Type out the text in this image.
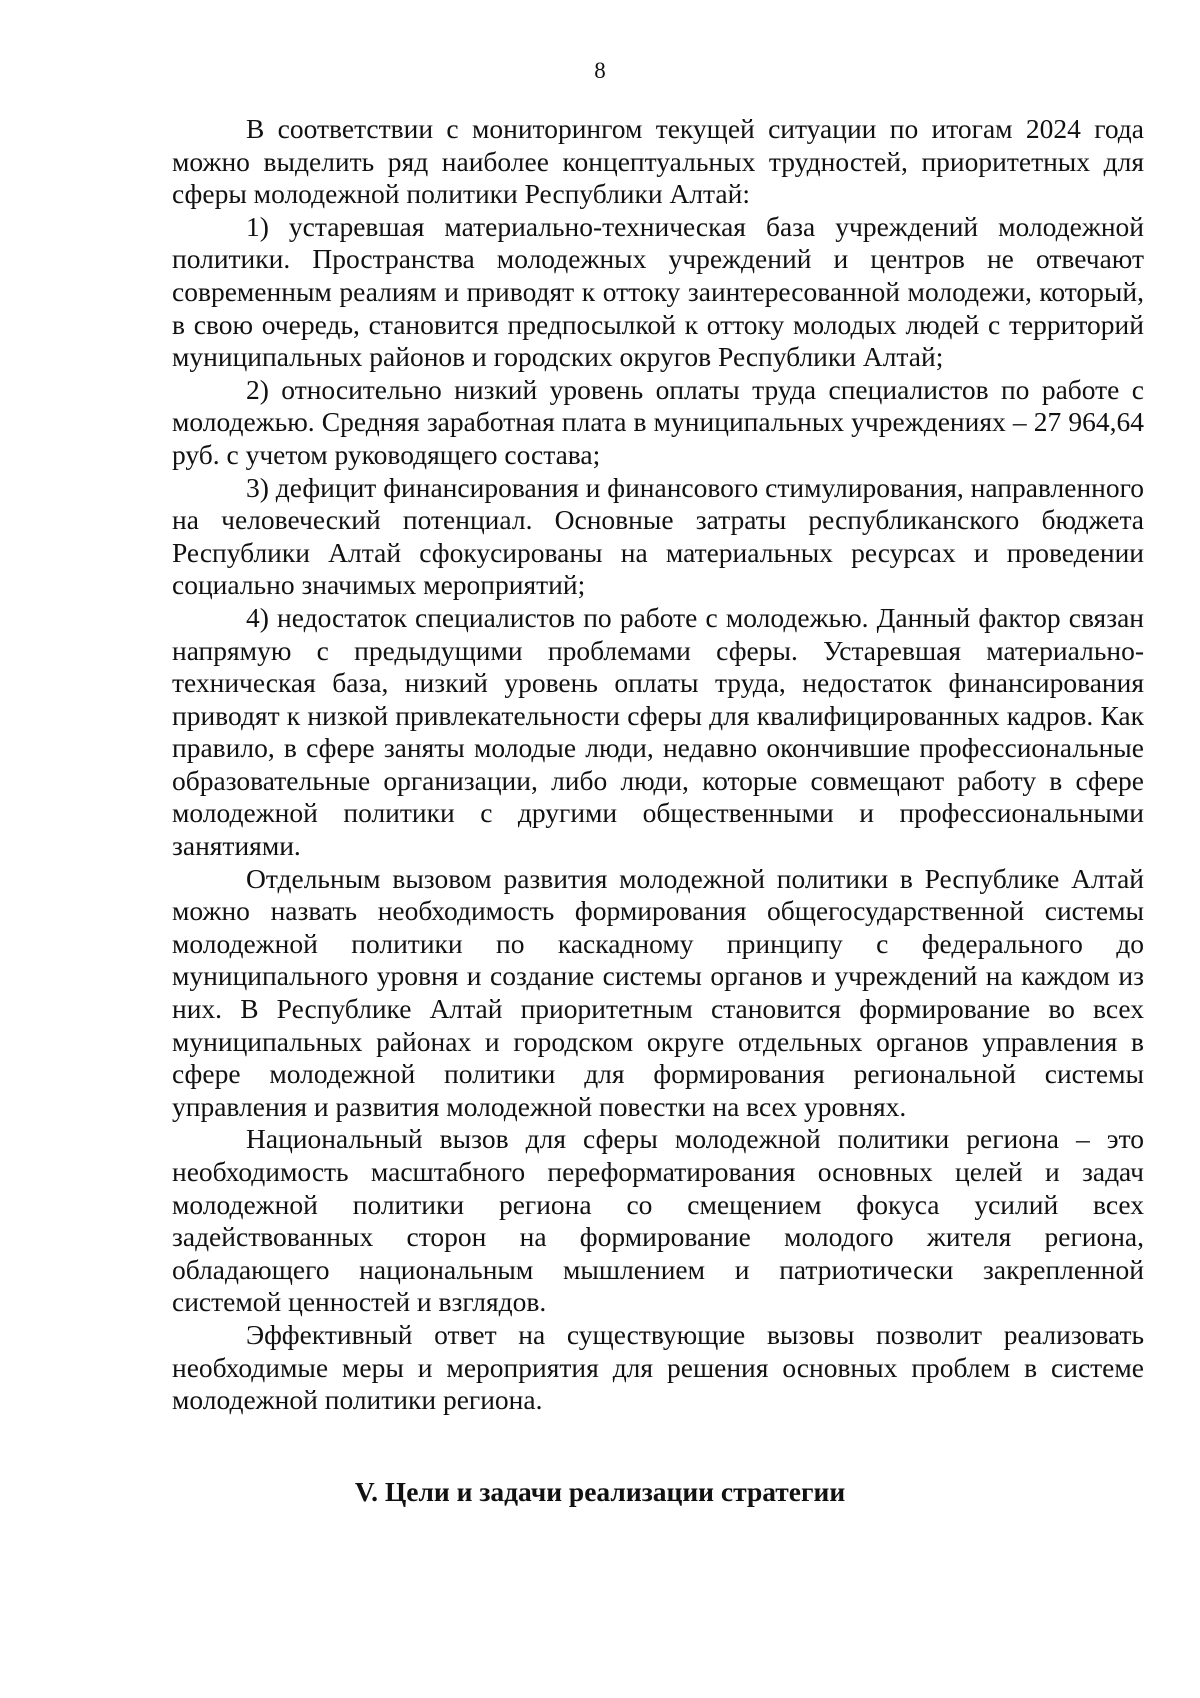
8

В соответствии с мониторингом текущей ситуации по итогам 2024 года можно выделить ряд наиболее концептуальных трудностей, приоритетных для сферы молодежной политики Республики Алтай:

1) устаревшая материально-техническая база учреждений молодежной политики. Пространства молодежных учреждений и центров не отвечают современным реалиям и приводят к оттоку заинтересованной молодежи, который, в свою очередь, становится предпосылкой к оттоку молодых людей с территорий муниципальных районов и городских округов Республики Алтай;

2) относительно низкий уровень оплаты труда специалистов по работе с молодежью. Средняя заработная плата в муниципальных учреждениях – 27 964,64 руб. с учетом руководящего состава;

3) дефицит финансирования и финансового стимулирования, направленного на человеческий потенциал. Основные затраты республиканского бюджета Республики Алтай сфокусированы на материальных ресурсах и проведении социально значимых мероприятий;

4) недостаток специалистов по работе с молодежью. Данный фактор связан напрямую с предыдущими проблемами сферы. Устаревшая материально-техническая база, низкий уровень оплаты труда, недостаток финансирования приводят к низкой привлекательности сферы для квалифицированных кадров. Как правило, в сфере заняты молодые люди, недавно окончившие профессиональные образовательные организации, либо люди, которые совмещают работу в сфере молодежной политики с другими общественными и профессиональными занятиями.

Отдельным вызовом развития молодежной политики в Республике Алтай можно назвать необходимость формирования общегосударственной системы молодежной политики по каскадному принципу с федерального до муниципального уровня и создание системы органов и учреждений на каждом из них. В Республике Алтай приоритетным становится формирование во всех муниципальных районах и городском округе отдельных органов управления в сфере молодежной политики для формирования региональной системы управления и развития молодежной повестки на всех уровнях.

Национальный вызов для сферы молодежной политики региона – это необходимость масштабного переформатирования основных целей и задач молодежной политики региона со смещением фокуса усилий всех задействованных сторон на формирование молодого жителя региона, обладающего национальным мышлением и патриотически закрепленной системой ценностей и взглядов.

Эффективный ответ на существующие вызовы позволит реализовать необходимые меры и мероприятия для решения основных проблем в системе молодежной политики региона.

V. Цели и задачи реализации стратегии
